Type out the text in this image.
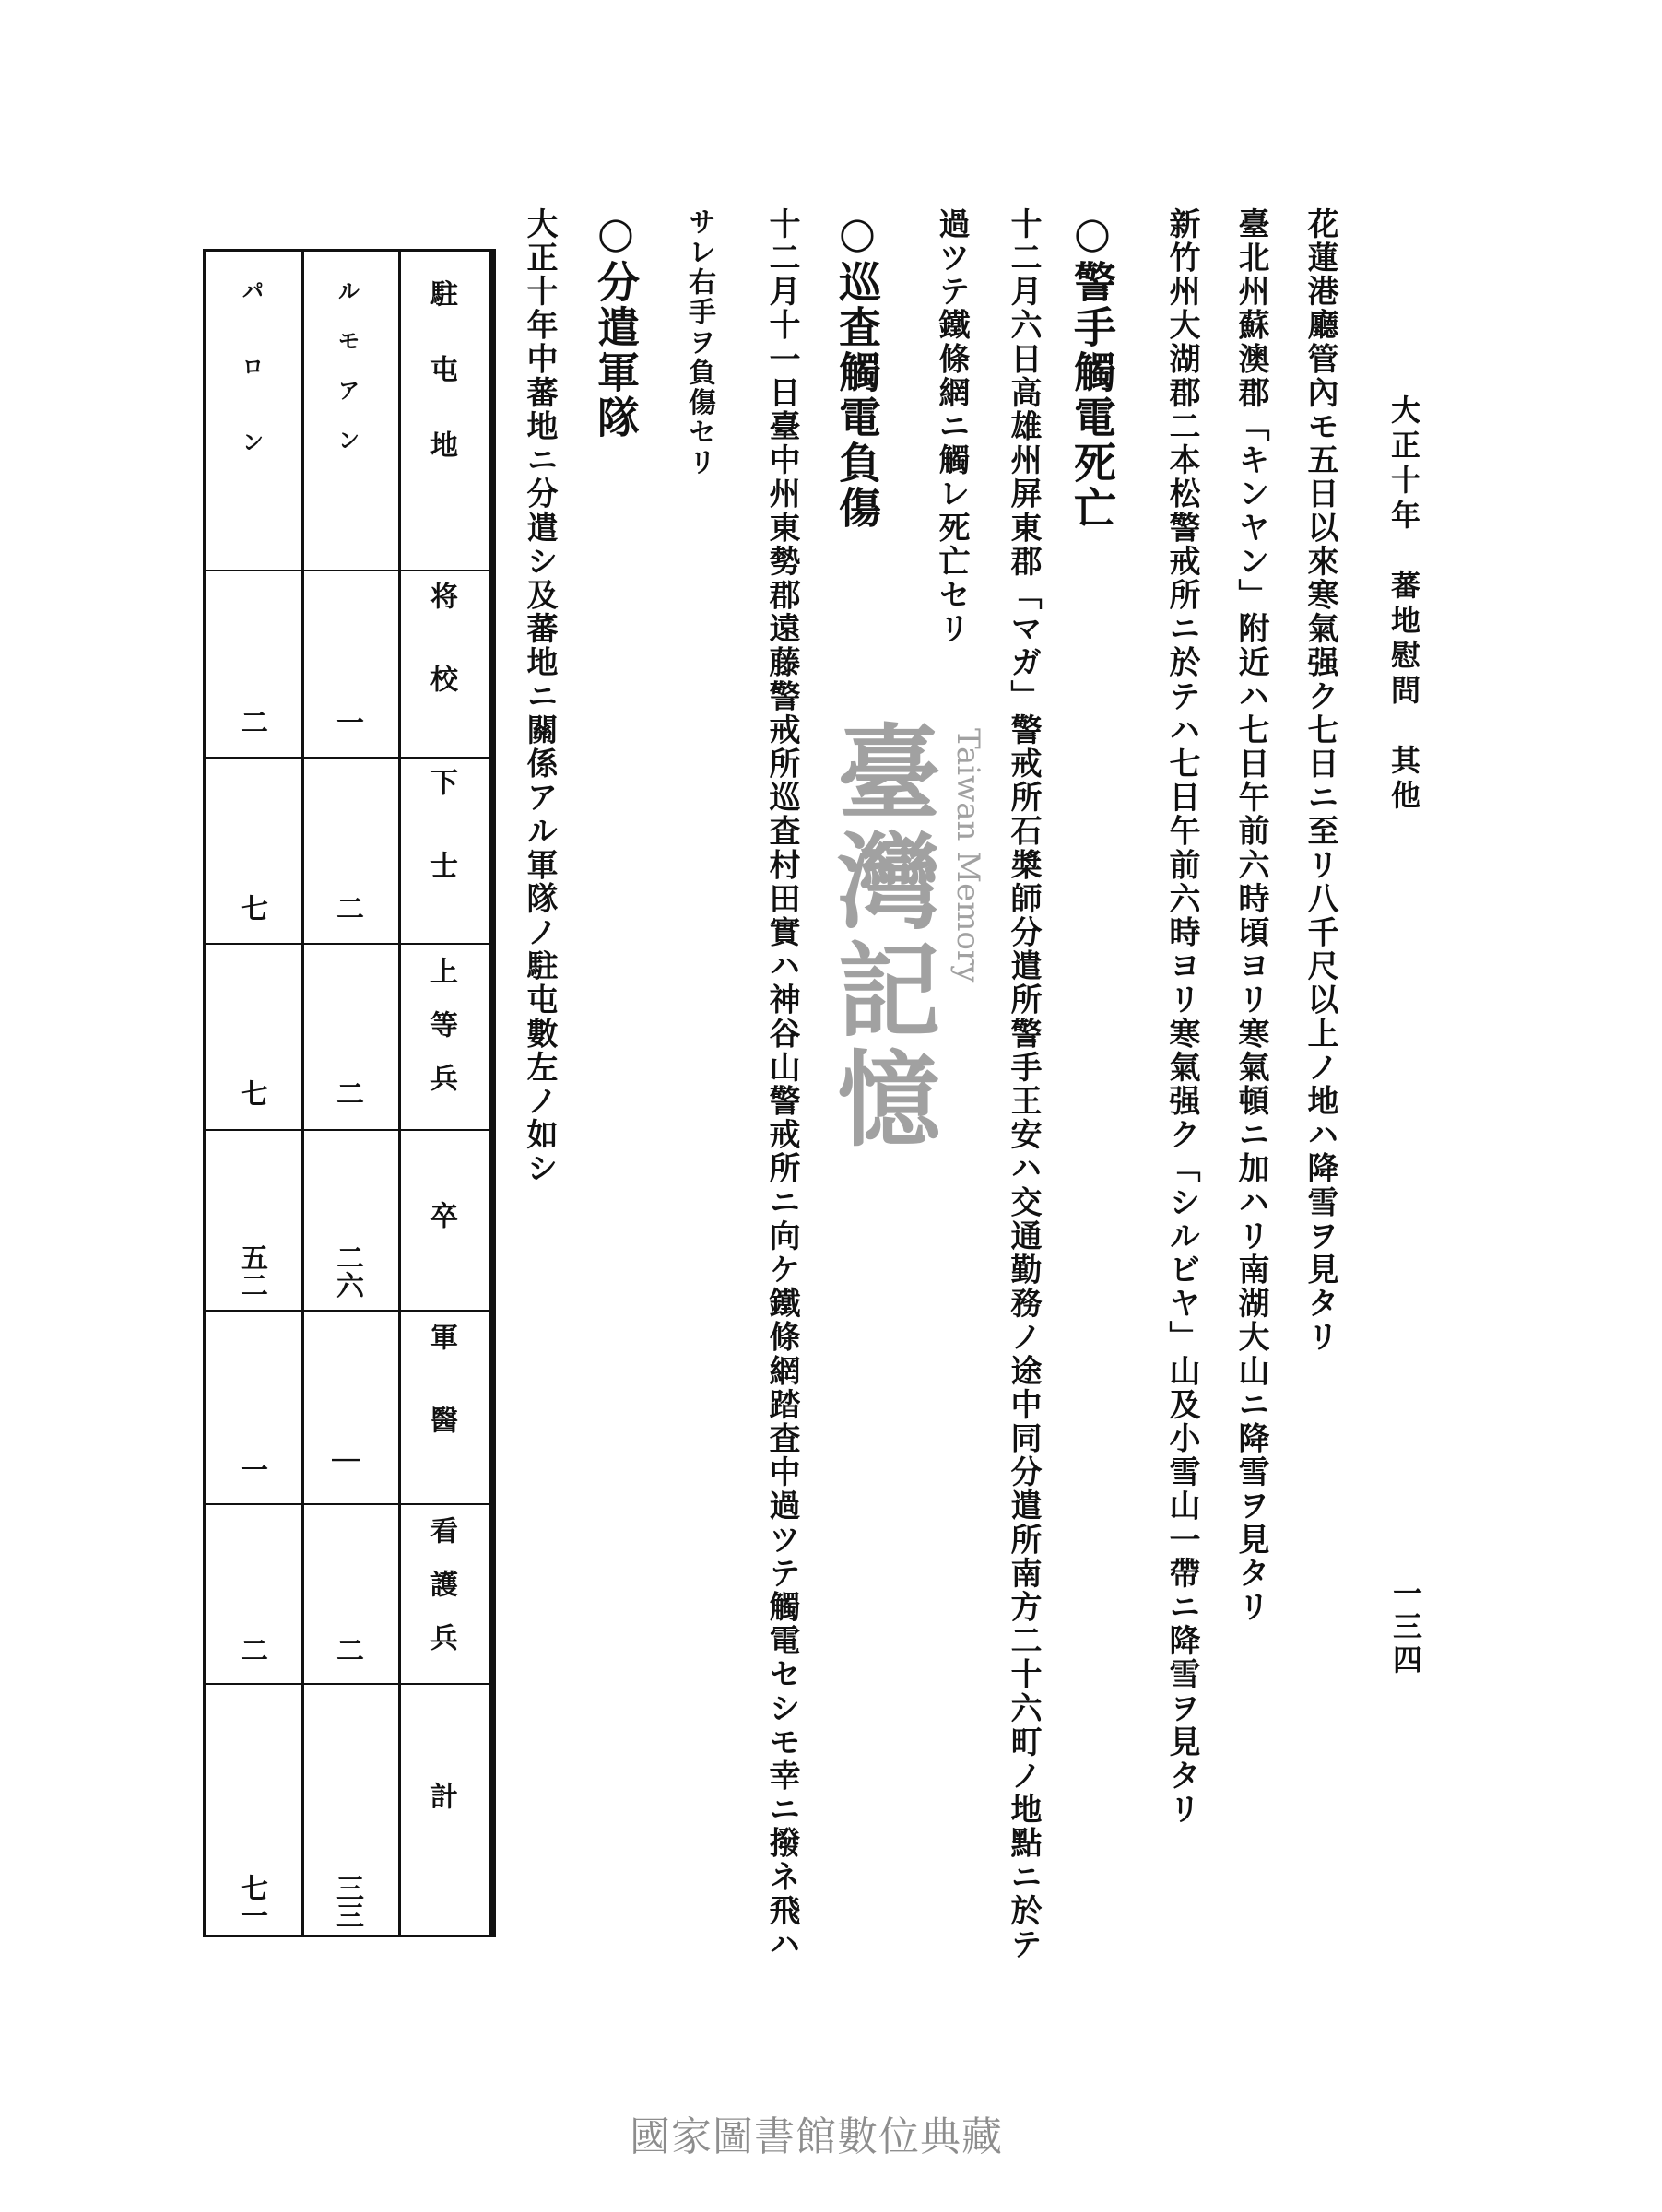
大正十年　蕃地慰問　其他
一三四
花蓮港廳管內モ五日以來寒氣强ク七日ニ至リ八千尺以上ノ地ハ降雪ヲ見タリ
臺北州蘇澳郡「キンヤン」附近ハ七日午前六時頃ヨリ寒氣頓ニ加ハリ南湖大山ニ降雪ヲ見タリ
新竹州大湖郡二本松警戒所ニ於テハ七日午前六時ヨリ寒氣强ク「シルビヤ」山及小雪山一帶ニ降雪ヲ見タリ
○警手觸電死亡
十二月六日高雄州屏東郡「マガ」警戒所石槳師分遣所警手王安ハ交通勤務ノ途中同分遣所南方二十六町ノ地點ニ於テ
過ツテ鐵條網ニ觸レ死亡セリ
○巡査觸電負傷
十二月十一日臺中州東勢郡遠藤警戒所巡査村田實ハ神谷山警戒所ニ向ケ鐵條網踏査中過ツテ觸電セシモ幸ニ撥ネ飛ハ
サレ右手ヲ負傷セリ
○分遣軍隊
大正十年中蕃地ニ分遣シ及蕃地ニ關係アル軍隊ノ駐屯數左ノ如シ
駐屯地
将校
下士
上等兵
卒
軍醫
看護兵
計
ルモアン
一
二
二
二六
|
二
三三
パロン
二
七
七
五二
一
二
七一
臺灣記憶 Taiwan Memory
國家圖書館數位典藏
